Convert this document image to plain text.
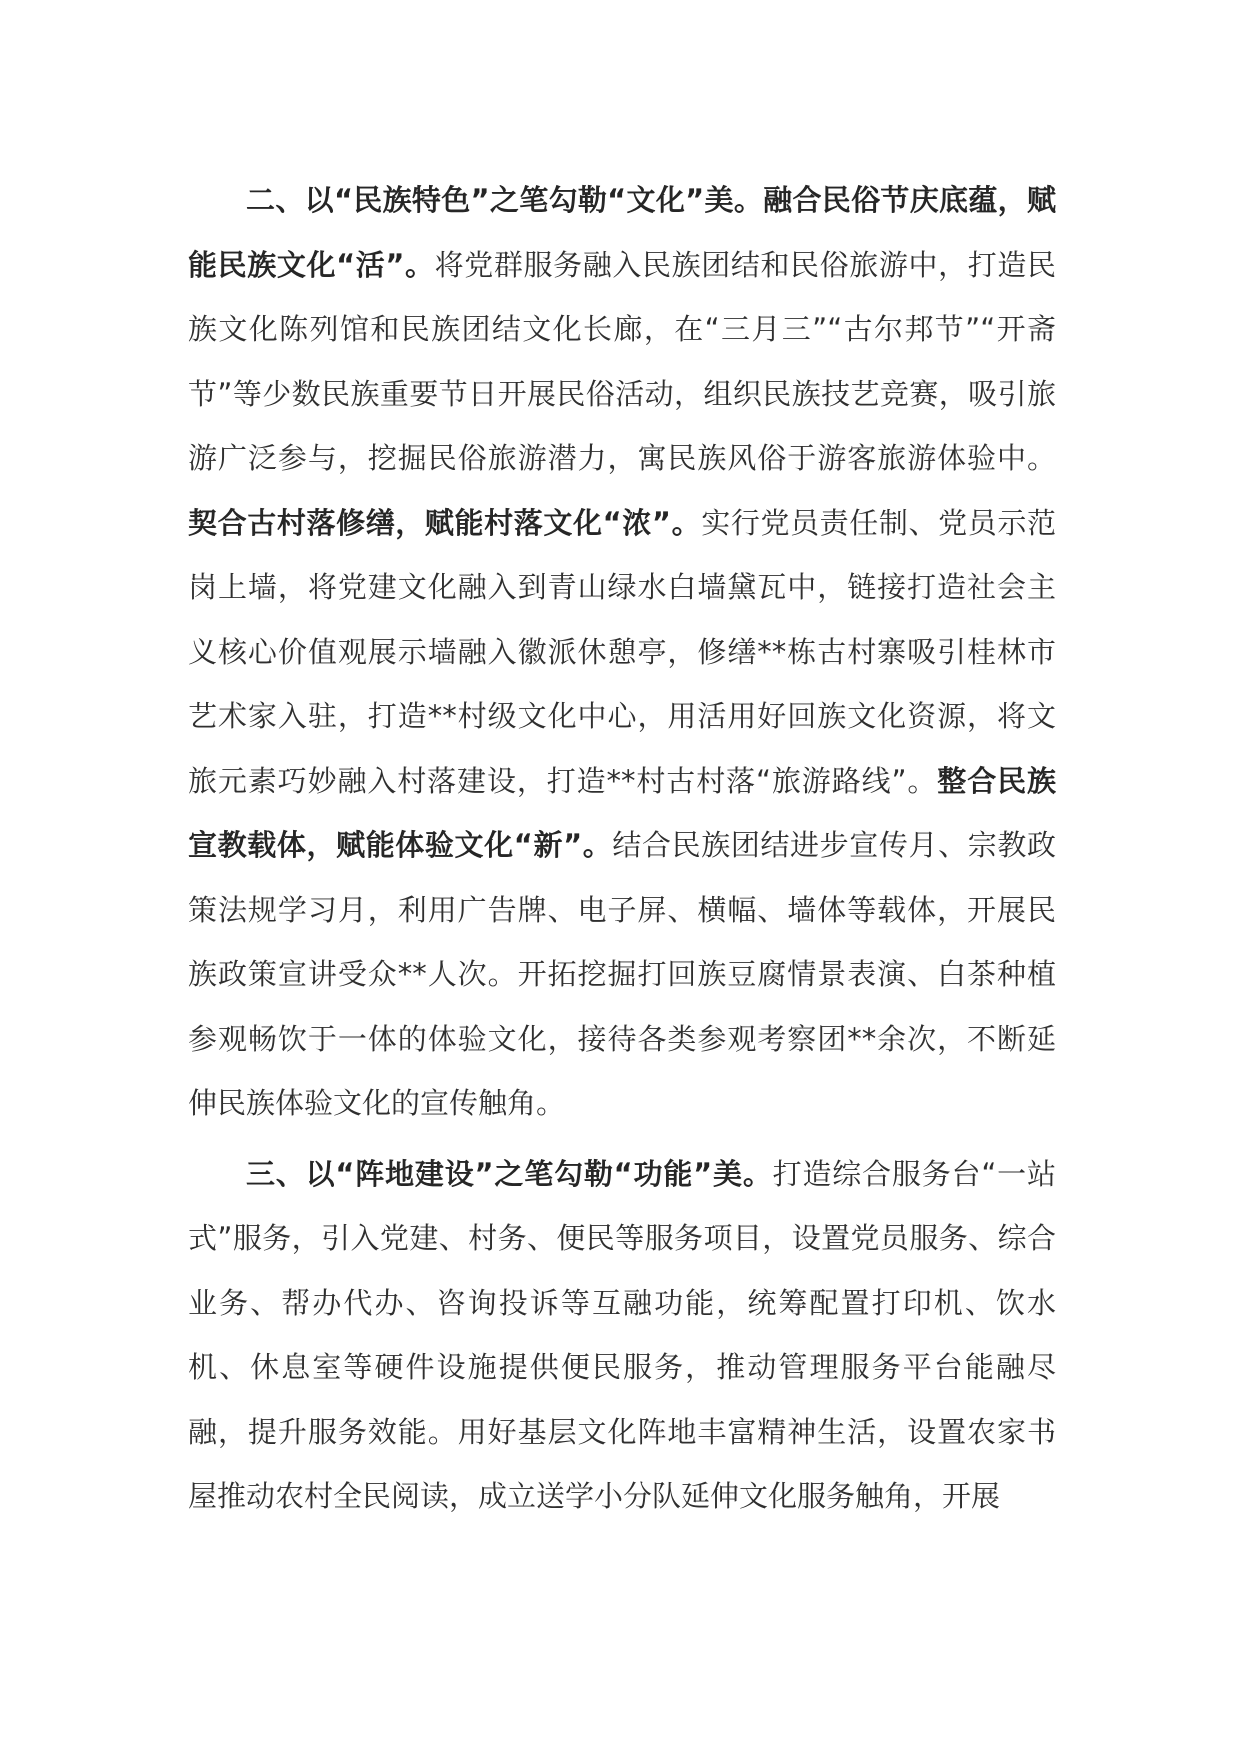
二、以“民族特色”之笔勾勒“文化”美。融合民俗节庆底蕴，赋能民族文化“活”。将党群服务融入民族团结和民俗旅游中，打造民族文化陈列馆和民族团结文化长廊，在“三月三”“古尔邦节”“开斋节”等少数民族重要节日开展民俗活动，组织民族技艺竞赛，吸引旅游广泛参与，挖掘民俗旅游潜力，寓民族风俗于游客旅游体验中。契合古村落修缮，赋能村落文化“浓”。实行党员责任制、党员示范岗上墙，将党建文化融入到青山绿水白墙黛瓦中，链接打造社会主义核心价值观展示墙融入徽派休憩亭，修缮**栋古村寨吸引桂林市艺术家入驻，打造**村级文化中心，用活用好回族文化资源，将文旅元素巧妙融入村落建设，打造**村古村落“旅游路线”。整合民族宣教载体，赋能体验文化“新”。结合民族团结进步宣传月、宗教政策法规学习月，利用广告牌、电子屏、横幅、墙体等载体，开展民族政策宣讲受众**人次。开拓挖掘打回族豆腐情景表演、白茶种植参观畅饮于一体的体验文化，接待各类参观考察团**余次，不断延伸民族体验文化的宣传触角。

三、以“阵地建设”之笔勾勒“功能”美。打造综合服务台“一站式”服务，引入党建、村务、便民等服务项目，设置党员服务、综合业务、帮办代办、咨询投诉等互融功能，统筹配置打印机、饮水机、休息室等硬件设施提供便民服务，推动管理服务平台能融尽融，提升服务效能。用好基层文化阵地丰富精神生活，设置农家书屋推动农村全民阅读，成立送学小分队延伸文化服务触角，开展
